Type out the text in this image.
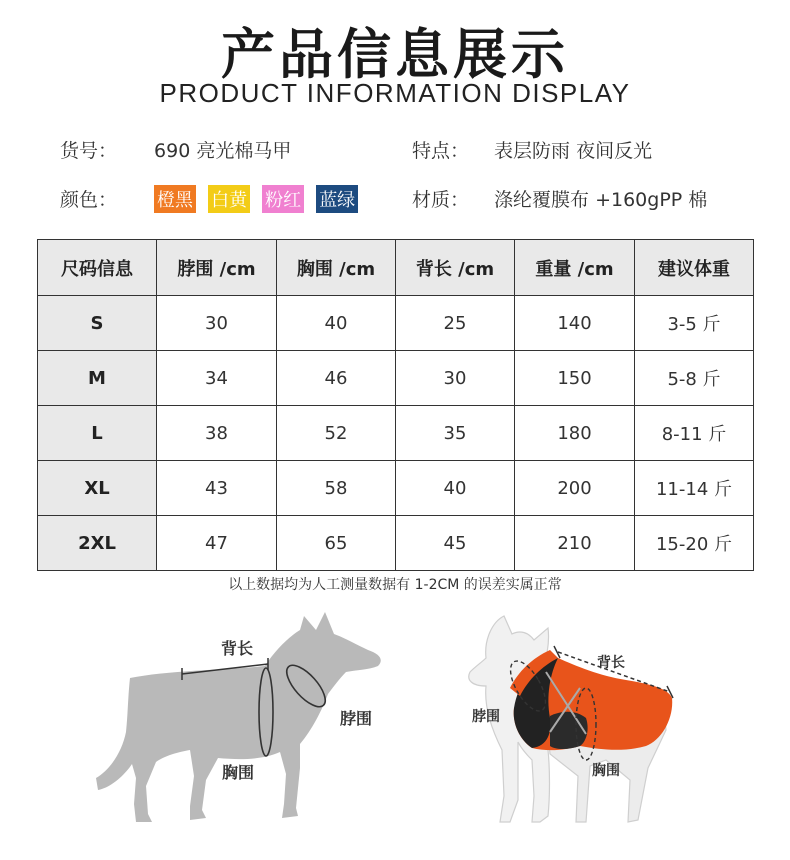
产品信息展示
PRODUCT INFORMATION DISPLAY
货号： 690 亮光棉马甲	特点： 表层防雨 夜间反光
颜色： 橙黑 白黄 粉红 蓝绿	材质： 涤纶覆膜布 +160gPP 棉
尺码信息	脖围 /cm	胸围 /cm	背长 /cm	重量 /cm	建议体重
S	30	40	25	140	3-5 斤
M	34	46	30	150	5-8 斤
L	38	52	35	180	8-11 斤
XL	43	58	40	200	11-14 斤
2XL	47	65	45	210	15-20 斤
以上数据均为人工测量数据有 1-2CM 的误差实属正常
背长
脖围
胸围
背长
脖围
胸围
